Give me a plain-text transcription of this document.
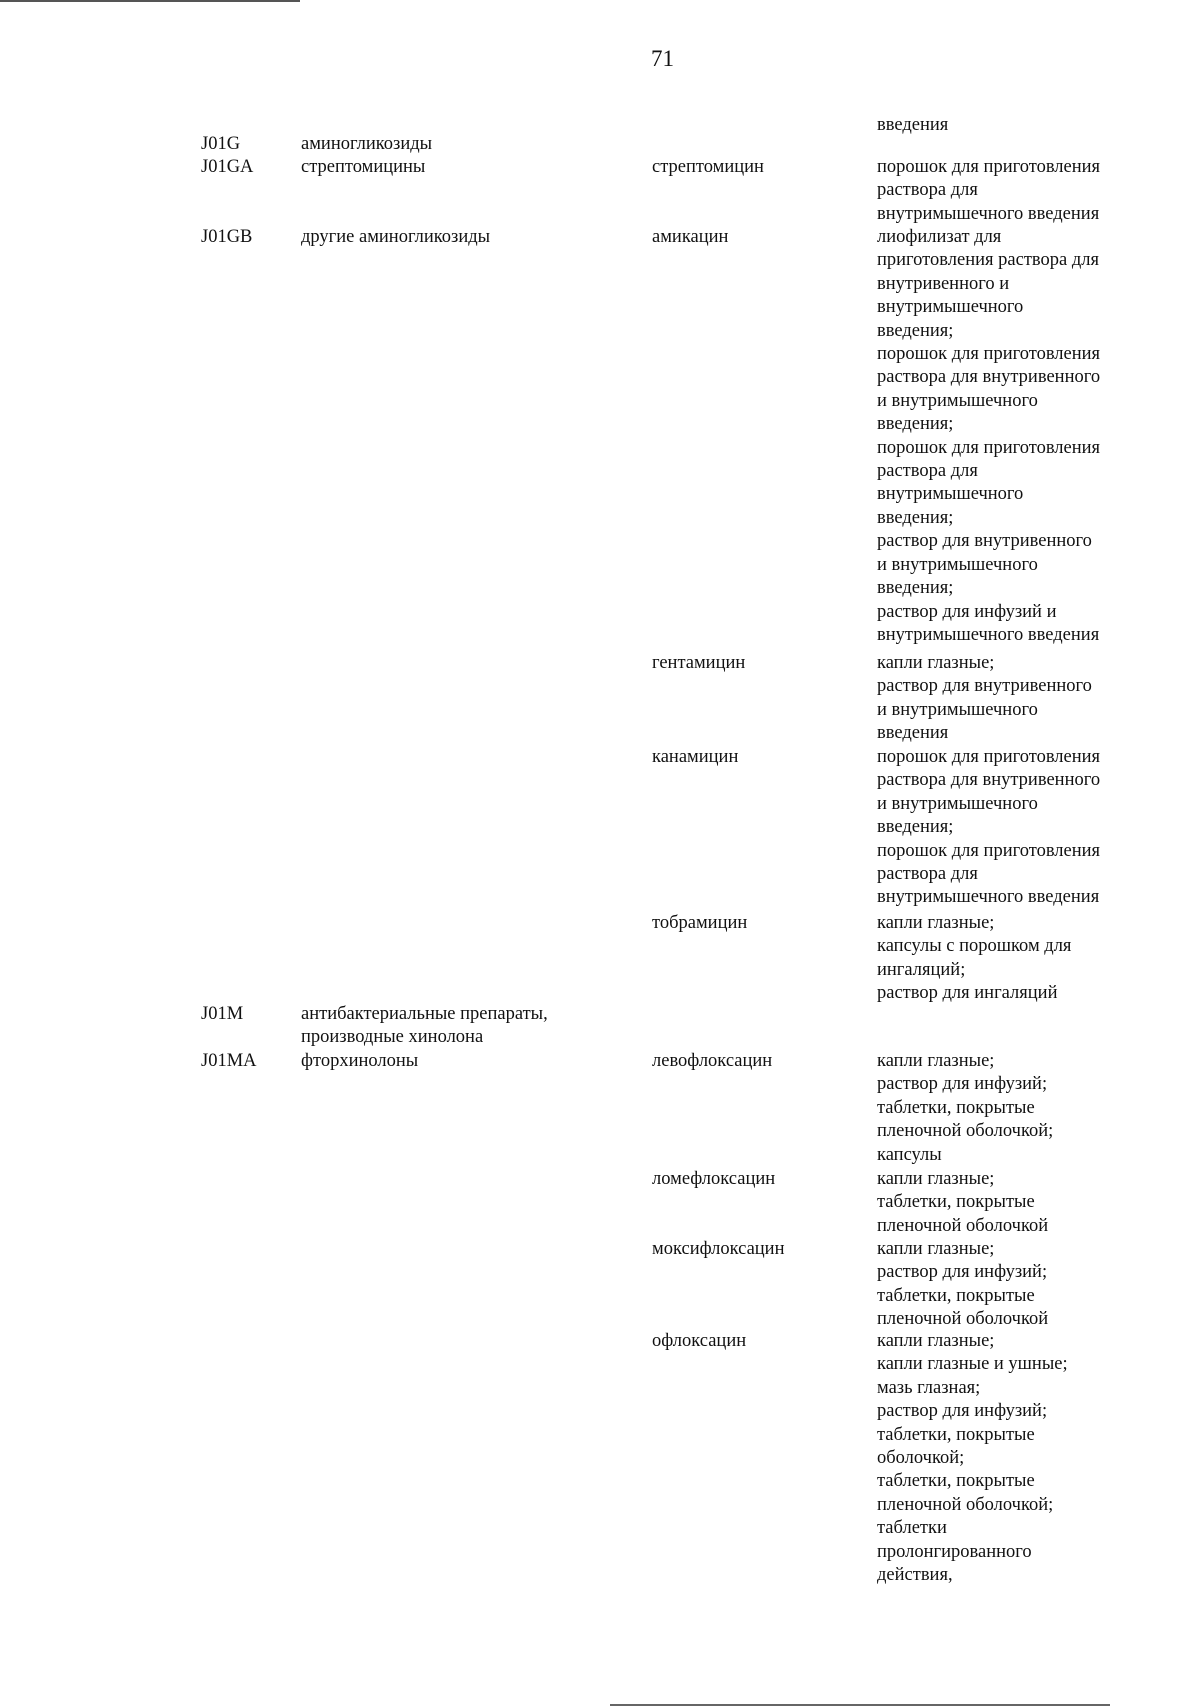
71
введения
J01G	аминогликозиды
J01GA	стрептомицины	стрептомицин	порошок для приготовления
раствора для
внутримышечного введения
J01GB	другие аминогликозиды	амикацин	лиофилизат для
приготовления раствора для
внутривенного и
внутримышечного
введения;
порошок для приготовления
раствора для внутривенного
и внутримышечного
введения;
порошок для приготовления
раствора для
внутримышечного
введения;
раствор для внутривенного
и внутримышечного
введения;
раствор для инфузий и
внутримышечного введения
гентамицин	капли глазные;
раствор для внутривенного
и внутримышечного
введения
канамицин	порошок для приготовления
раствора для внутривенного
и внутримышечного
введения;
порошок для приготовления
раствора для
внутримышечного введения
тобрамицин	капли глазные;
капсулы с порошком для
ингаляций;
раствор для ингаляций
J01M	антибактериальные препараты,
производные хинолона
J01MA	фторхинолоны	левофлоксацин	капли глазные;
раствор для инфузий;
таблетки, покрытые
пленочной оболочкой;
капсулы
ломефлоксацин	капли глазные;
таблетки, покрытые
пленочной оболочкой
моксифлоксацин	капли глазные;
раствор для инфузий;
таблетки, покрытые
пленочной оболочкой
офлоксацин	капли глазные;
капли глазные и ушные;
мазь глазная;
раствор для инфузий;
таблетки, покрытые
оболочкой;
таблетки, покрытые
пленочной оболочкой;
таблетки
пролонгированного
действия,
